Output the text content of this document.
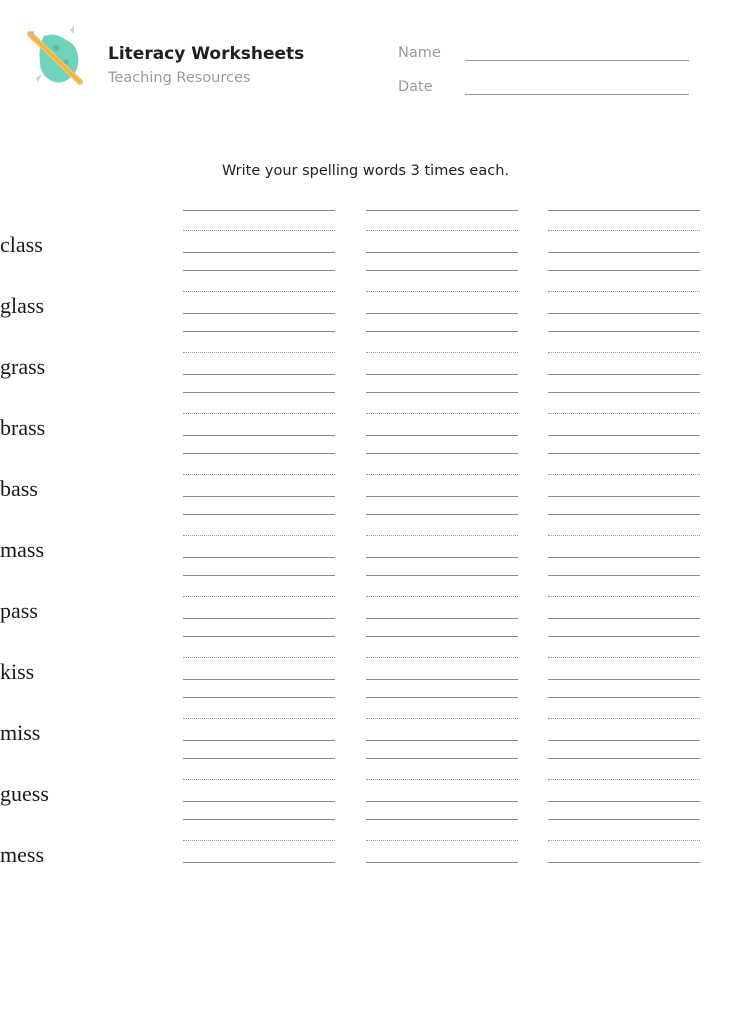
Literacy Worksheets
Teaching Resources
Name
Date
Write your spelling words 3 times each.
class
glass
grass
brass
bass
mass
pass
kiss
miss
guess
mess
